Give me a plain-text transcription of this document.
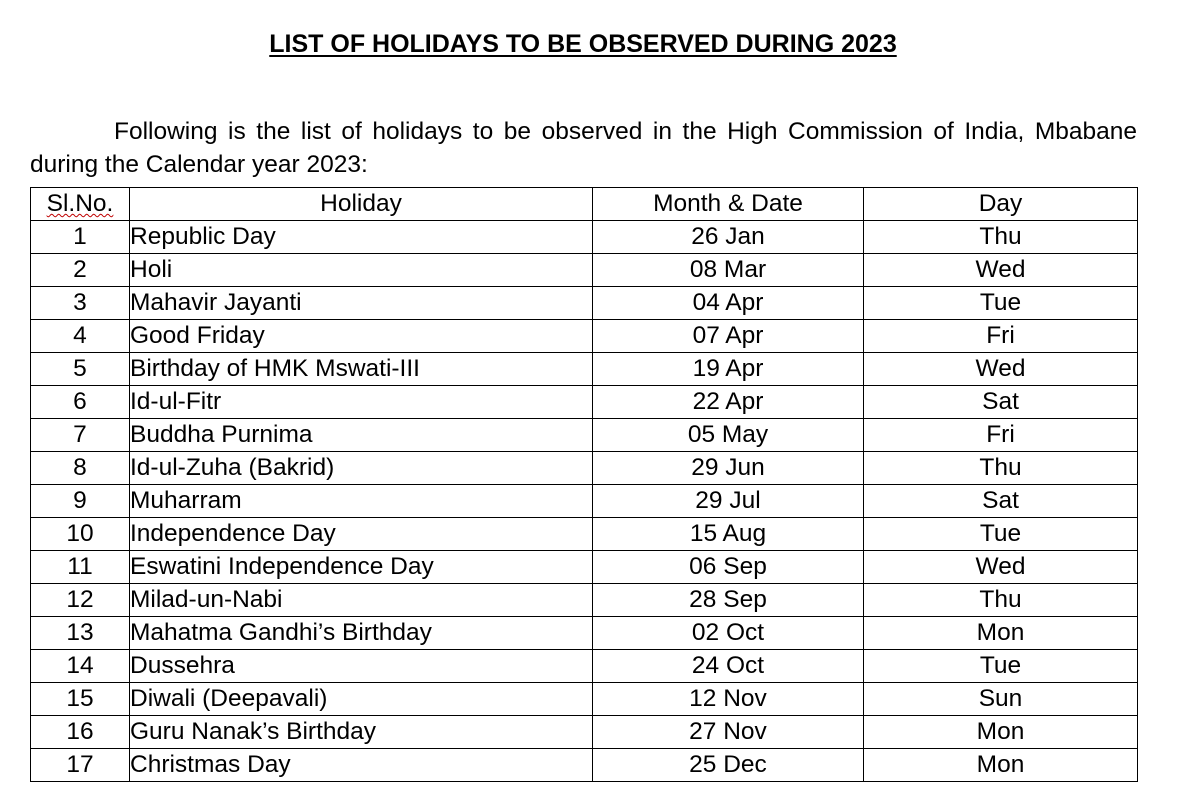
LIST OF HOLIDAYS TO BE OBSERVED DURING 2023

Following is the list of holidays to be observed in the High Commission of India, Mbabane during the Calendar year 2023:

Sl.No.	Holiday	Month & Date	Day
1	Republic Day	26 Jan	Thu
2	Holi	08 Mar	Wed
3	Mahavir Jayanti	04 Apr	Tue
4	Good Friday	07 Apr	Fri
5	Birthday of HMK Mswati-III	19 Apr	Wed
6	Id-ul-Fitr	22 Apr	Sat
7	Buddha Purnima	05 May	Fri
8	Id-ul-Zuha (Bakrid)	29 Jun	Thu
9	Muharram	29 Jul	Sat
10	Independence Day	15 Aug	Tue
11	Eswatini Independence Day	06 Sep	Wed
12	Milad-un-Nabi	28 Sep	Thu
13	Mahatma Gandhi’s Birthday	02 Oct	Mon
14	Dussehra	24 Oct	Tue
15	Diwali (Deepavali)	12 Nov	Sun
16	Guru Nanak’s Birthday	27 Nov	Mon
17	Christmas Day	25 Dec	Mon
